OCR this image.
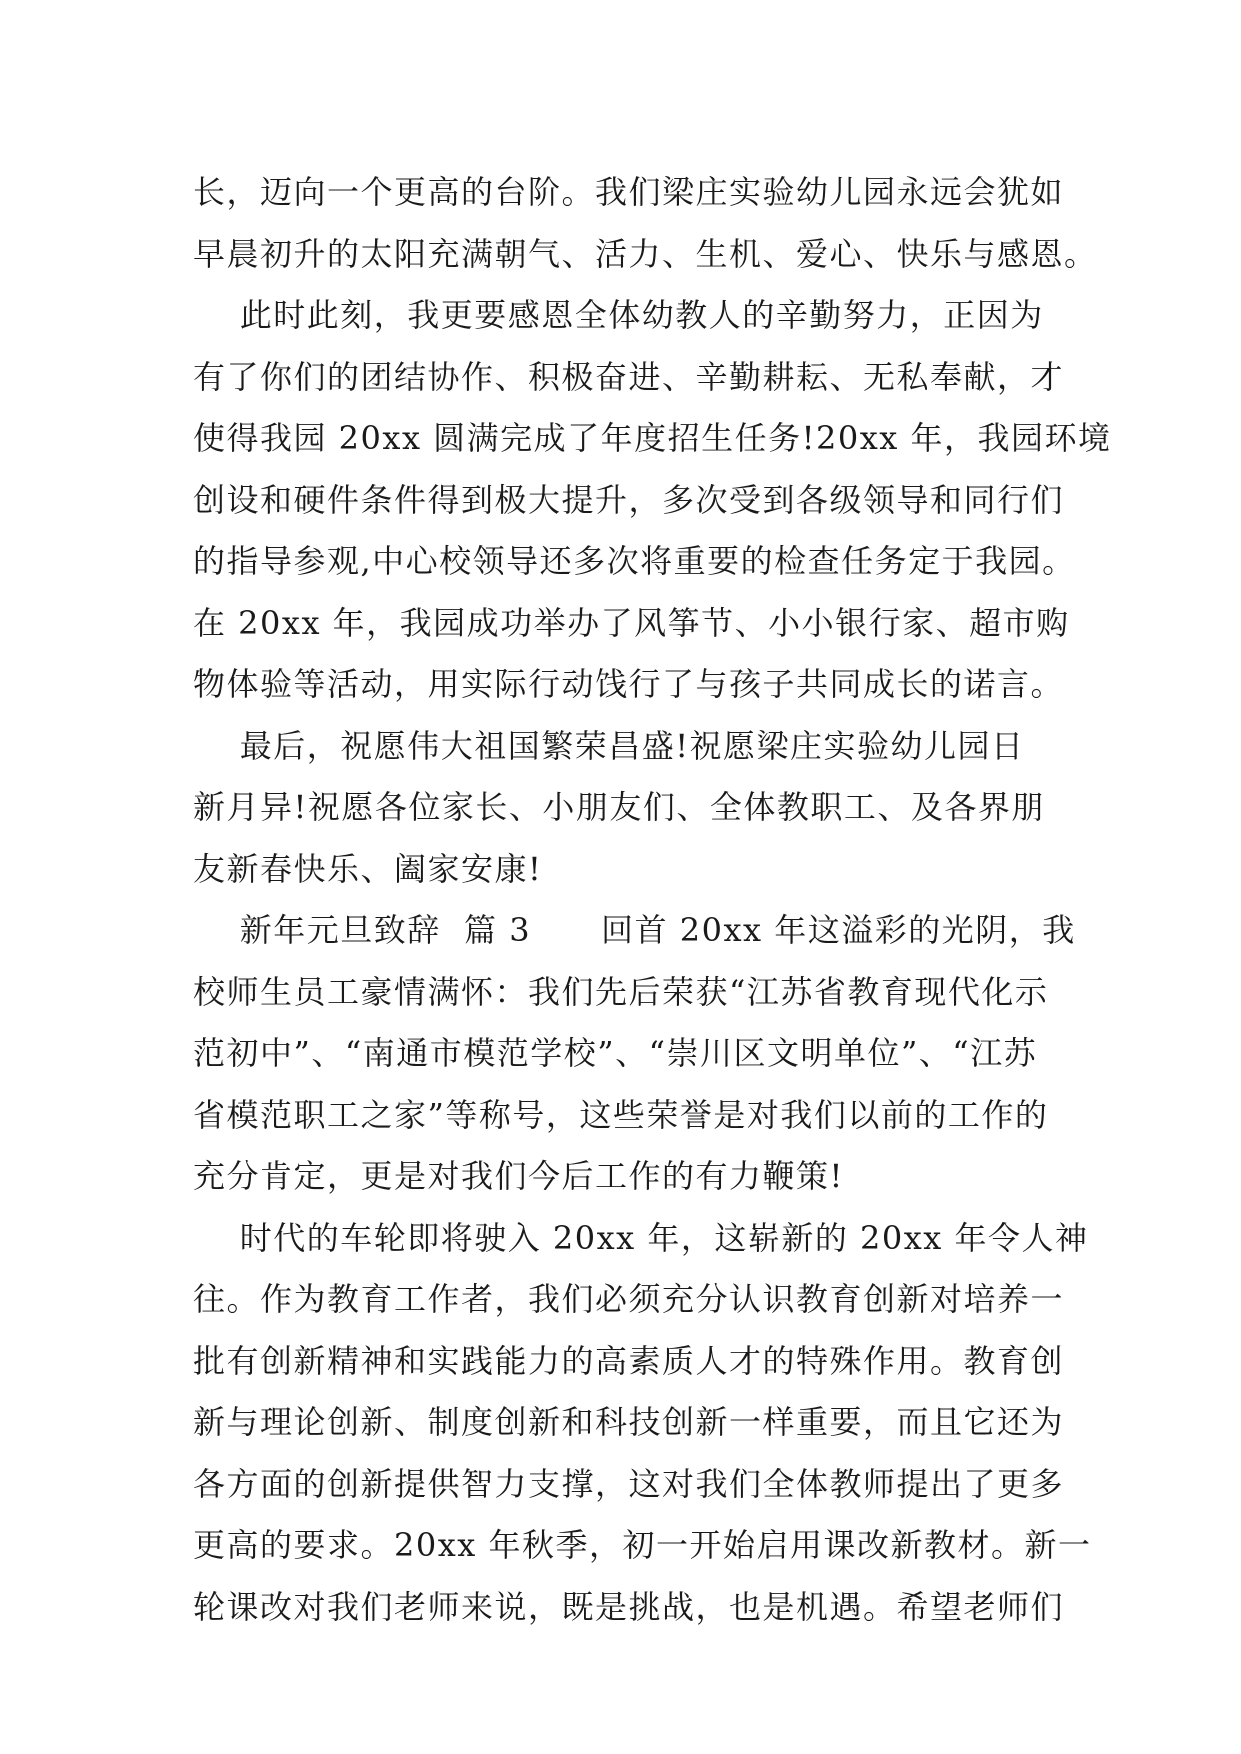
长，迈向一个更高的台阶。我们梁庄实验幼儿园永远会犹如
早晨初升的太阳充满朝气、活力、生机、爱心、快乐与感恩。
此时此刻，我更要感恩全体幼教人的辛勤努力，正因为
有了你们的团结协作、积极奋进、辛勤耕耘、无私奉献，才
使得我园 20xx 圆满完成了年度招生任务!20xx 年，我园环境
创设和硬件条件得到极大提升，多次受到各级领导和同行们
的指导参观,中心校领导还多次将重要的检查任务定于我园。
在 20xx 年，我园成功举办了风筝节、小小银行家、超市购
物体验等活动，用实际行动饯行了与孩子共同成长的诺言。
最后，祝愿伟大祖国繁荣昌盛!祝愿梁庄实验幼儿园日
新月异!祝愿各位家长、小朋友们、全体教职工、及各界朋
友新春快乐、阖家安康!
新年元旦致辞  篇 3      回首 20xx 年这溢彩的光阴，我
校师生员工豪情满怀：我们先后荣获“江苏省教育现代化示
范初中”、“南通市模范学校”、“崇川区文明单位”、“江苏
省模范职工之家”等称号，这些荣誉是对我们以前的工作的
充分肯定，更是对我们今后工作的有力鞭策!
时代的车轮即将驶入 20xx 年，这崭新的 20xx 年令人神
往。作为教育工作者，我们必须充分认识教育创新对培养一
批有创新精神和实践能力的高素质人才的特殊作用。教育创
新与理论创新、制度创新和科技创新一样重要，而且它还为
各方面的创新提供智力支撑，这对我们全体教师提出了更多
更高的要求。20xx 年秋季，初一开始启用课改新教材。新一
轮课改对我们老师来说，既是挑战，也是机遇。希望老师们
